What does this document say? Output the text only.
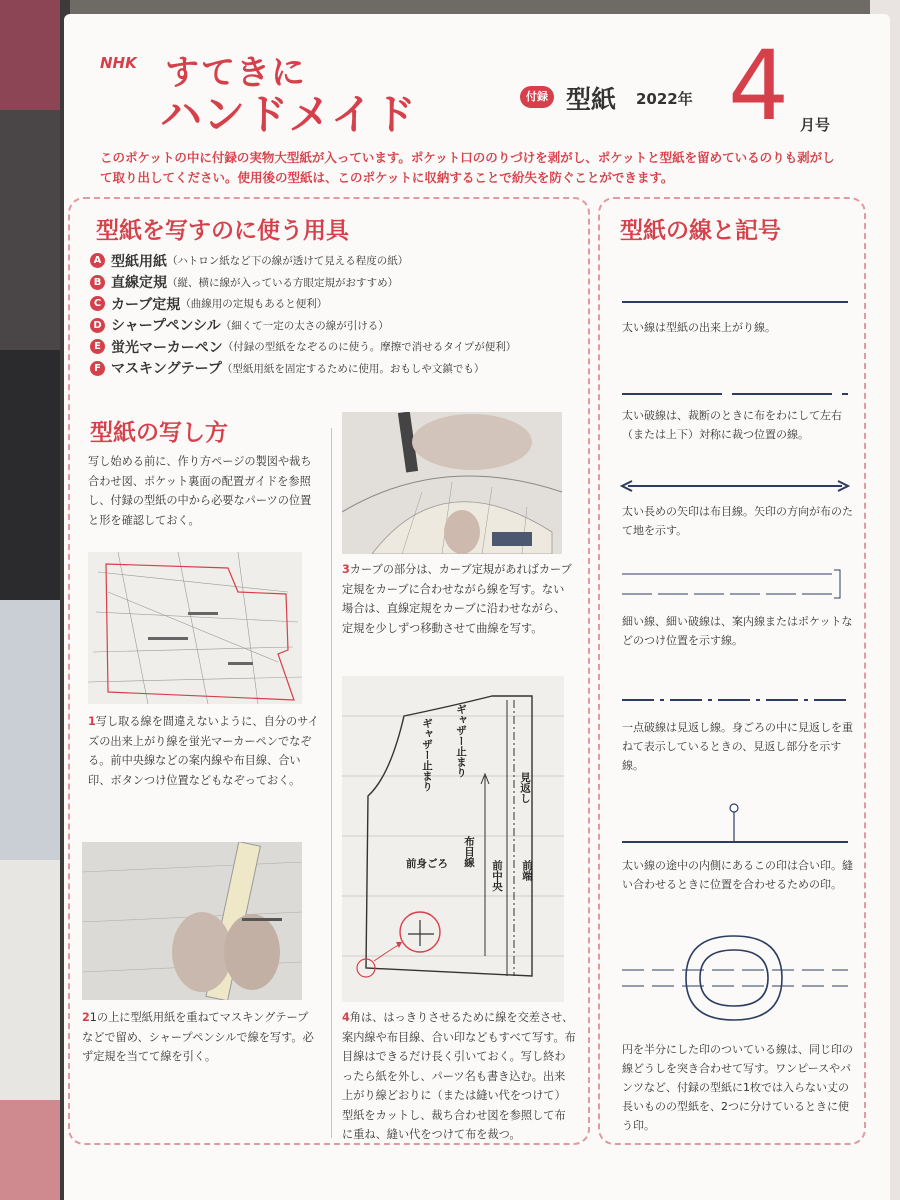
NHK すてきに
ハンドメイド	付録 型紙 2022年 4 月号
このポケットの中に付録の実物大型紙が入っています。ポケット口ののりづけを剥がし、ポケットと型紙を留めているのりも剥がして取り出してください。使用後の型紙は、このポケットに収納することで紛失を防ぐことができます。
型紙を写すのに使う用具
A 型紙用紙 （ハトロン紙など下の線が透けて見える程度の紙）
B 直線定規 （縦、横に線が入っている方眼定規がおすすめ）
C カーブ定規 （曲線用の定規もあると便利）
D シャープペンシル （細くて一定の太さの線が引ける）
E 蛍光マーカーペン （付録の型紙をなぞるのに使う。摩擦で消せるタイプが便利）
F マスキングテープ （型紙用紙を固定するために使用。おもしや文鎮でも）
型紙の写し方
写し始める前に、作り方ページの製図や裁ち合わせ図、ポケット裏面の配置ガイドを参照し、付録の型紙の中から必要なパーツの位置と形を確認しておく。
1写し取る線を間違えないように、自分のサイズの出来上がり線を蛍光マーカーペンでなぞる。前中央線などの案内線や布目線、合い印、ボタンつけ位置などもなぞっておく。
21の上に型紙用紙を重ねてマスキングテープなどで留め、シャープペンシルで線を写す。必ず定規を当てて線を引く。
3カーブの部分は、カーブ定規があればカーブ定規をカーブに合わせながら線を写す。ない場合は、直線定規をカーブに沿わせながら、定規を少しずつ移動させて曲線を写す。
ギャザー止まり
ギャザー止まり	見返し
布目線
前中央 前端
前身ごろ
4角は、はっきりさせるために線を交差させ、案内線や布目線、合い印などもすべて写す。布目線はできるだけ長く引いておく。写し終わったら紙を外し、パーツ名も書き込む。出来上がり線どおりに（または縫い代をつけて）型紙をカットし、裁ち合わせ図を参照して布に重ね、縫い代をつけて布を裁つ。
型紙の線と記号
太い線は型紙の出来上がり線。
太い破線は、裁断のときに布をわにして左右（または上下）対称に裁つ位置の線。
太い長めの矢印は布目線。矢印の方向が布のたて地を示す。
細い線、細い破線は、案内線またはポケットなどのつけ位置を示す線。
一点破線は見返し線。身ごろの中に見返しを重ねて表示しているときの、見返し部分を示す線。
太い線の途中の内側にあるこの印は合い印。縫い合わせるときに位置を合わせるための印。
円を半分にした印のついている線は、同じ印の線どうしを突き合わせて写す。ワンピースやパンツなど、付録の型紙に1枚では入らない丈の長いものの型紙を、2つに分けているときに使う印。
